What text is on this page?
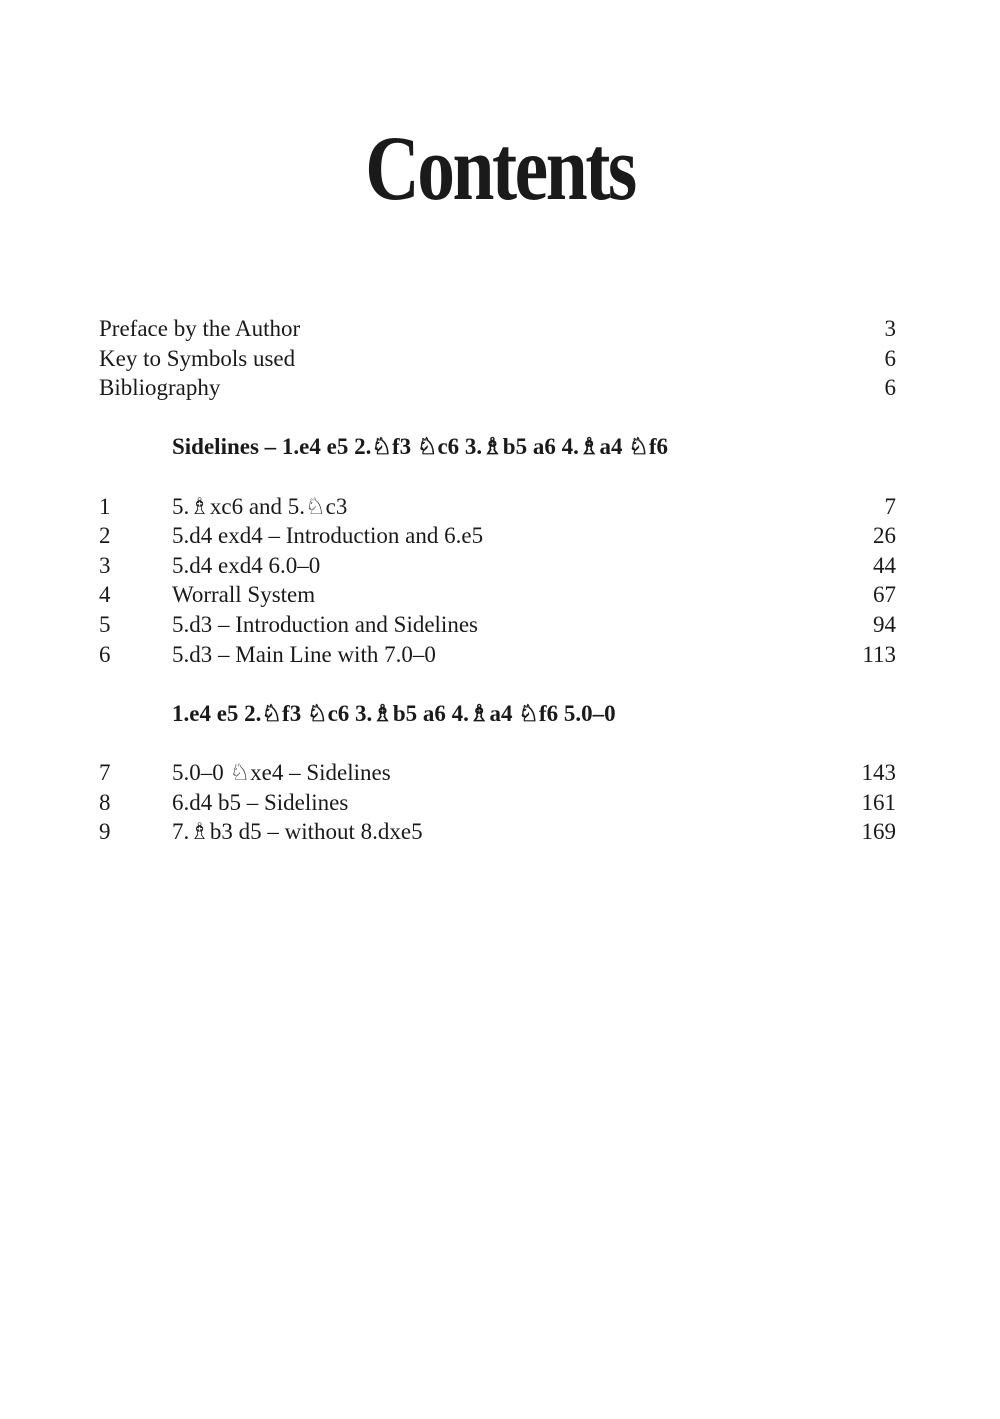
Contents
Preface by the Author	3
Key to Symbols used	6
Bibliography	6
Sidelines – 1.e4 e5 2.♘f3 ♘c6 3.♗b5 a6 4.♗a4 ♘f6
1	5.♗xc6 and 5.♘c3	7
2	5.d4 exd4 – Introduction and 6.e5	26
3	5.d4 exd4 6.0–0	44
4	Worrall System	67
5	5.d3 – Introduction and Sidelines	94
6	5.d3 – Main Line with 7.0–0	113
1.e4 e5 2.♘f3 ♘c6 3.♗b5 a6 4.♗a4 ♘f6 5.0–0
7	5.0–0 ♘xe4 – Sidelines	143
8	6.d4 b5 – Sidelines	161
9	7.♗b3 d5 – without 8.dxe5	169
